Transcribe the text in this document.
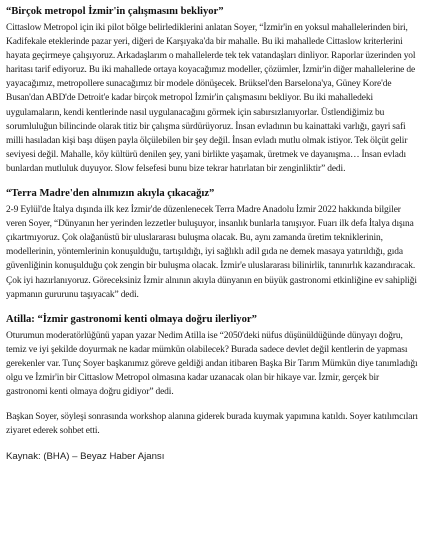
“Birçok metropol İzmir'in çalışmasını bekliyor”

Cittaslow Metropol için iki pilot bölge belirlediklerini anlatan Soyer, “İzmir'in en yoksul mahallelerinden biri, Kadifekale eteklerinde pazar yeri, diğeri de Karşıyaka'da bir mahalle. Bu iki mahallede Cittaslow kriterlerini hayata geçirmeye çalışıyoruz. Arkadaşlarım o mahallelerde tek tek vatandaşları dinliyor. Raporlar üzerinden yol haritası tarif ediyoruz. Bu iki mahallede ortaya koyacağımız modeller, çözümler, İzmir'in diğer mahallelerine de yayacağımız, metropollere sunacağımız bir modele dönüşecek. Brüksel'den Barselona'ya, Güney Kore'de Busan'dan ABD'de Detroit'e kadar birçok metropol İzmir'in çalışmasını bekliyor. Bu iki mahalledeki uygulamaların, kendi kentlerinde nasıl uygulanacağını görmek için sabırsızlanıyorlar. Üstlendiğimiz bu sorumluluğun bilincinde olarak titiz bir çalışma sürdürüyoruz. İnsan evladının bu kainattaki varlığı, gayri safi milli hasıladan kişi başı düşen payla ölçülebilen bir şey değil. İnsan evladı mutlu olmak istiyor. Tek ölçüt gelir seviyesi değil. Mahalle, köy kültürü denilen şey, yani birlikte yaşamak, üretmek ve dayanışma… İnsan evladı bunlardan mutluluk duyuyor. Slow felsefesi bunu bize tekrar hatırlatan bir zenginliktir” dedi.

“Terra Madre'den alnımızın akıyla çıkacağız”

2-9 Eylül'de İtalya dışında ilk kez İzmir'de düzenlenecek Terra Madre Anadolu İzmir 2022 hakkında bilgiler veren Soyer, “Dünyanın her yerinden lezzetler buluşuyor, insanlık bunlarla tanışıyor. Fuarı ilk defa İtalya dışına çıkartmıyoruz. Çok olağanüstü bir uluslararası buluşma olacak. Bu, aynı zamanda üretim tekniklerinin, modellerinin, yöntemlerinin konuşulduğu, tartışıldığı, iyi sağlıklı adil gıda ne demek masaya yatırıldığı, gıda güvenliğinin konuşulduğu çok zengin bir buluşma olacak. İzmir'e uluslararası bilinirlik, tanınırlık kazandıracak. Çok iyi hazırlanıyoruz. Göreceksiniz İzmir alnının akıyla dünyanın en büyük gastronomi etkinliğine ev sahipliği yapmanın gururunu taşıyacak” dedi.

Atilla: “İzmir gastronomi kenti olmaya doğru ilerliyor”

Oturumun moderatörlüğünü yapan yazar Nedim Atilla ise “2050'deki nüfus düşünüldüğünde dünyayı doğru, temiz ve iyi şekilde doyurmak ne kadar mümkün olabilecek? Burada sadece devlet değil kentlerin de yapması gerekenler var. Tunç Soyer başkanımız göreve geldiği andan itibaren Başka Bir Tarım Mümkün diye tanımladığı olgu ve İzmir'in bir Cittaslow Metropol olmasına kadar uzanacak olan bir hikaye var. İzmir, gerçek bir gastronomi kenti olmaya doğru gidiyor” dedi.

Başkan Soyer, söyleşi sonrasında workshop alanına giderek burada kuymak yapımına katıldı. Soyer katılımcıları ziyaret ederek sohbet etti.

Kaynak: (BHA) – Beyaz Haber Ajansı
